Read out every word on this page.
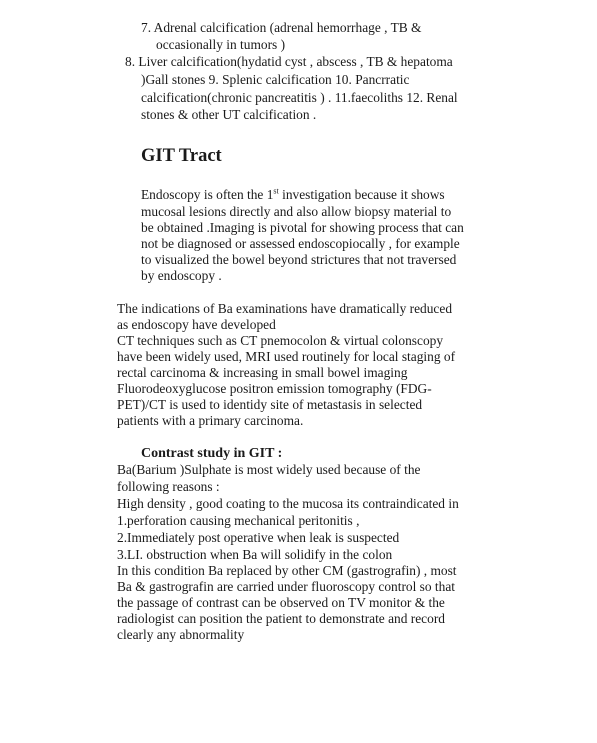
7. Adrenal calcification (adrenal hemorrhage , TB &
occasionally in tumors )
8. Liver calcification(hydatid cyst , abscess , TB & hepatoma
)Gall stones 9. Splenic calcification 10. Pancrratic
calcification(chronic pancreatitis ) . 11.faecoliths 12. Renal
stones & other UT calcification .
GIT Tract
Endoscopy is often the 1st investigation because it shows
mucosal lesions directly and also allow biopsy material to
be obtained .Imaging is pivotal for showing process that can
not be diagnosed or assessed endoscopiocally , for example
to visualized the bowel beyond strictures that not traversed
by endoscopy .
The indications of Ba examinations have dramatically reduced
as endoscopy have developed
CT techniques such as CT pnemocolon & virtual colonscopy
have been widely used, MRI used routinely for local staging of
rectal carcinoma & increasing in small bowel imaging
Fluorodeoxyglucose positron emission tomography (FDG-
PET)/CT is used to identidy site of metastasis in selected
patients with a primary carcinoma.
Contrast study in GIT :
Ba(Barium )Sulphate is most widely used because of the
following reasons :
High density , good coating to the mucosa its contraindicated in
1.perforation causing mechanical peritonitis ,
2.Immediately post operative when leak is suspected
3.LI. obstruction when Ba will solidify in the colon
In this condition Ba replaced by other CM (gastrografin) , most
Ba & gastrografin are carried under fluoroscopy control so that
the passage of contrast can be observed on TV monitor & the
radiologist can position the patient to demonstrate and record
clearly any abnormality
